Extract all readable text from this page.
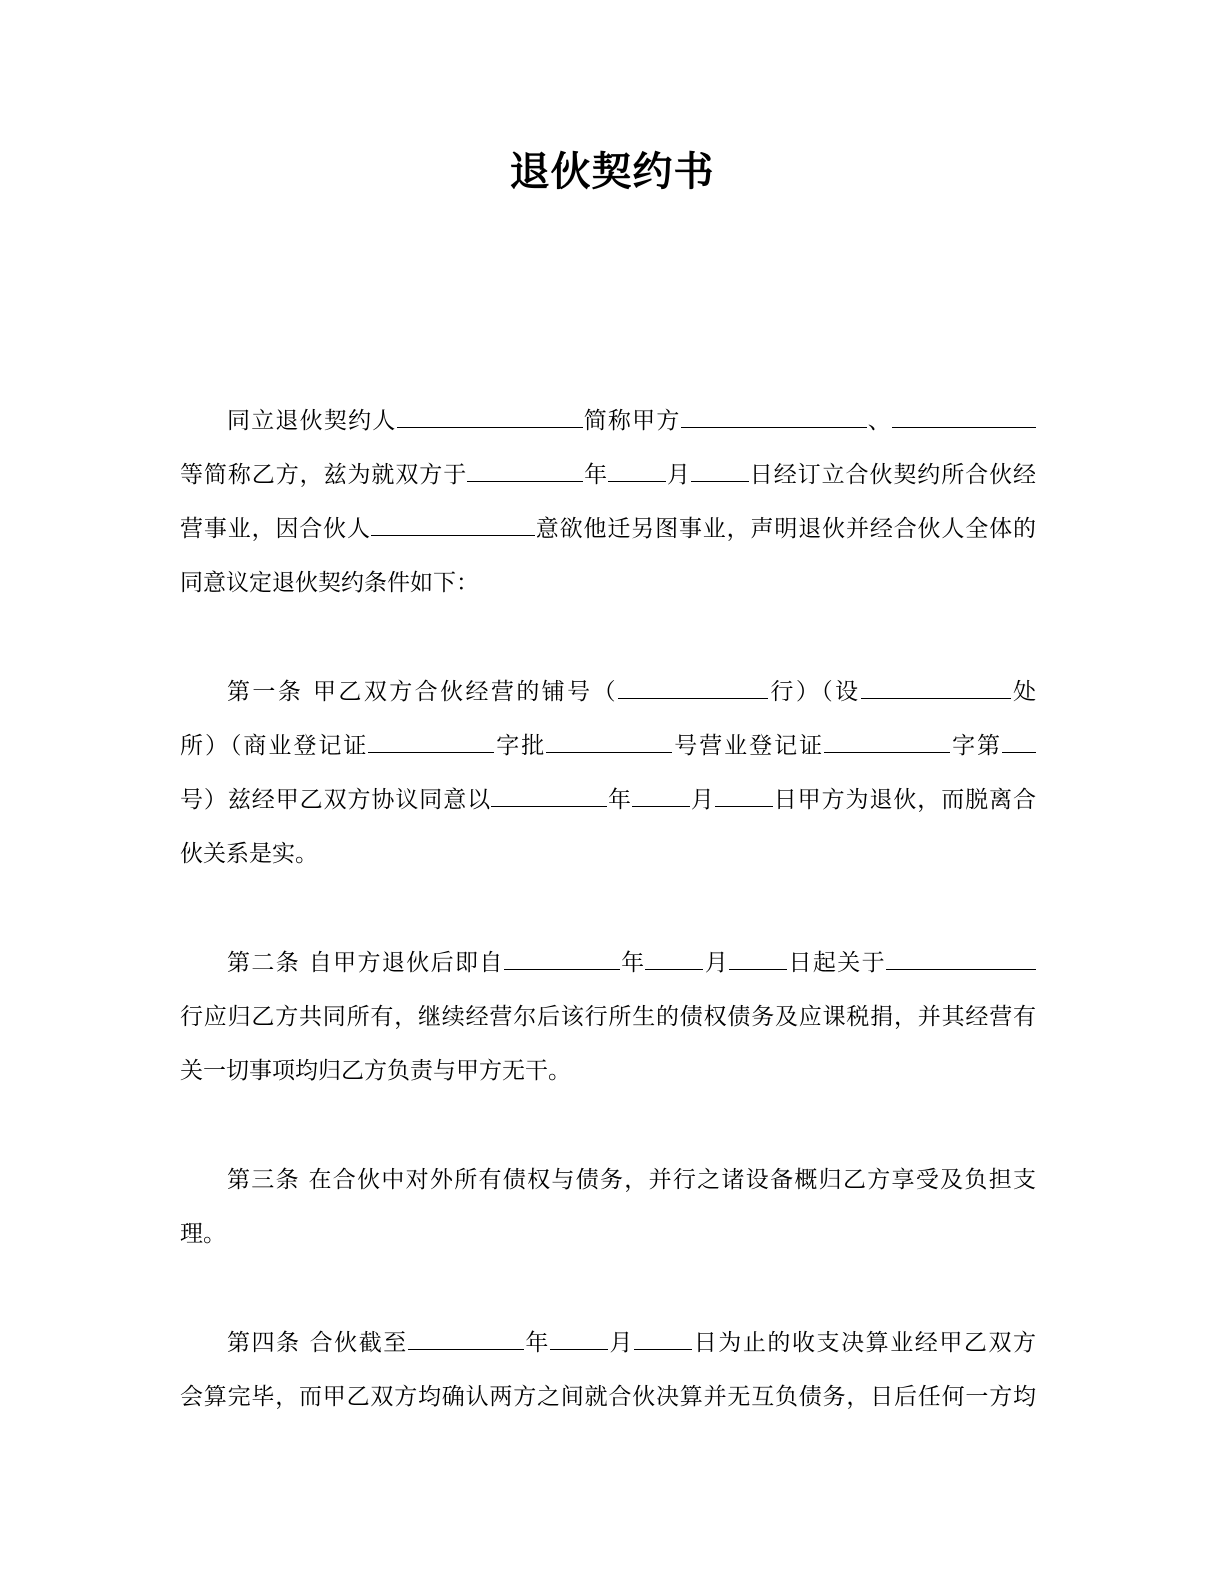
退伙契约书
同立退伙契约人	简称甲方	、
等简称乙方，兹为就双方于	年	月	日经订立合伙契约所合伙经
营事业，因合伙人	意欲他迁另图事业，声明退伙并经合伙人全体的
同意议定退伙契约条件如下：
第一条 甲乙双方合伙经营的铺号（	行）（设	处
所）（商业登记证	字批	号营业登记证	字第
号）兹经甲乙双方协议同意以	年	月	日甲方为退伙，而脱离合
伙关系是实。
第二条 自甲方退伙后即自	年	月	日起关于
行应归乙方共同所有，继续经营尔后该行所生的债权债务及应课税捐，并其经营有
关一切事项均归乙方负责与甲方无干。
第三条 在合伙中对外所有债权与债务，并行之诸设备概归乙方享受及负担支
理。
第四条 合伙截至	年	月	日为止的收支决算业经甲乙双方
会算完毕，而甲乙双方均确认两方之间就合伙决算并无互负债务，日后任何一方均
